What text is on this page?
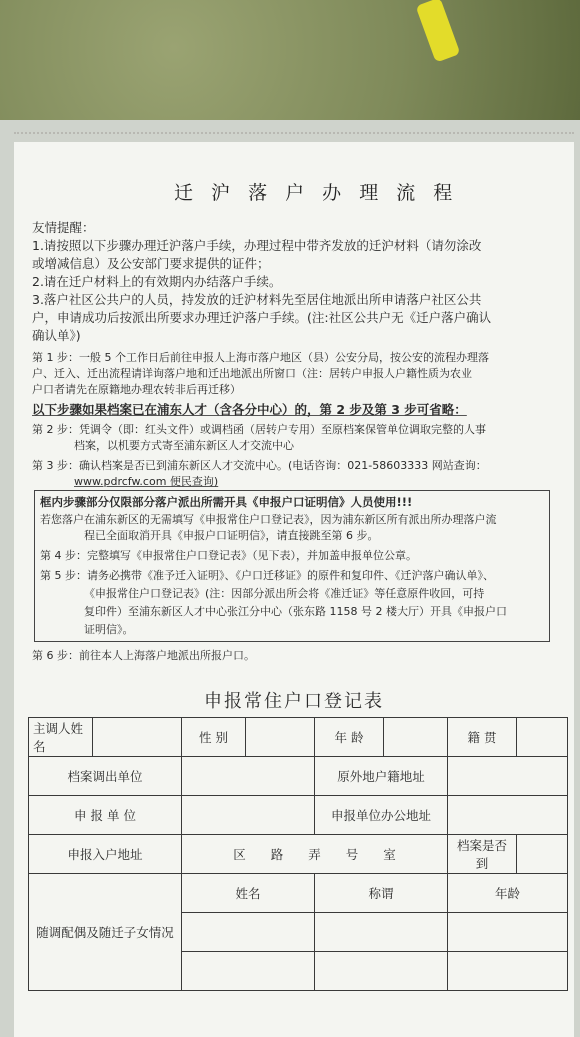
迁 沪 落 户 办 理 流 程
友情提醒：
1.请按照以下步骤办理迁沪落户手续，办理过程中带齐发放的迁沪材料（请勿涂改
或增减信息）及公安部门要求提供的证件；
2.请在迁户材料上的有效期内办结落户手续。
3.落户社区公共户的人员，持发放的迁沪材料先至居住地派出所申请落户社区公共
户，申请成功后按派出所要求办理迁沪落户手续。(注:社区公共户无《迁户落户确认
确认单》)
第 1 步：一般 5 个工作日后前往申报人上海市落户地区（县）公安分局，按公安的流程办理落
户、迁入、迁出流程请详询落户地和迁出地派出所窗口（注：居转户申报人户籍性质为农业
户口者请先在原籍地办理农转非后再迁移）
以下步骤如果档案已在浦东人才（含各分中心）的，第 2 步及第 3 步可省略：
第 2 步：凭调令（即：红头文件）或调档函（居转户专用）至原档案保管单位调取完整的人事
档案，以机要方式寄至浦东新区人才交流中心
第 3 步：确认档案是否已到浦东新区人才交流中心。(电话咨询：021-58603333 网站查询：
www.pdrcfw.com 便民查询)
框内步骤部分仅限部分落户派出所需开具《申报户口证明信》人员使用!!!
若您落户在浦东新区的无需填写《申报常住户口登记表》，因为浦东新区所有派出所办理落户流
程已全面取消开具《申报户口证明信》，请直接跳至第 6 步。
第 4 步：完整填写《申报常住户口登记表》（见下表），并加盖申报单位公章。
第 5 步：请务必携带《准予迁入证明》、《户口迁移证》的原件和复印件、《迁沪落户确认单》、
《申报常住户口登记表》(注：因部分派出所会将《准迁证》等任意原件收回，可持
复印件）至浦东新区人才中心张江分中心（张东路 1158 号 2 楼大厅）开具《申报户口
证明信》。
第 6 步：前往本人上海落户地派出所报户口。
申报常住户口登记表
主调人姓名		性 别		年 龄		籍 贯	
档案调出单位				原外地户籍地址			
申 报 单 位				申报单位办公地址			
申报入户地址		区　　路　　弄　　号　　室				档案是否到	
随调配偶及随迁子女情况		姓名		称谓		年龄	
